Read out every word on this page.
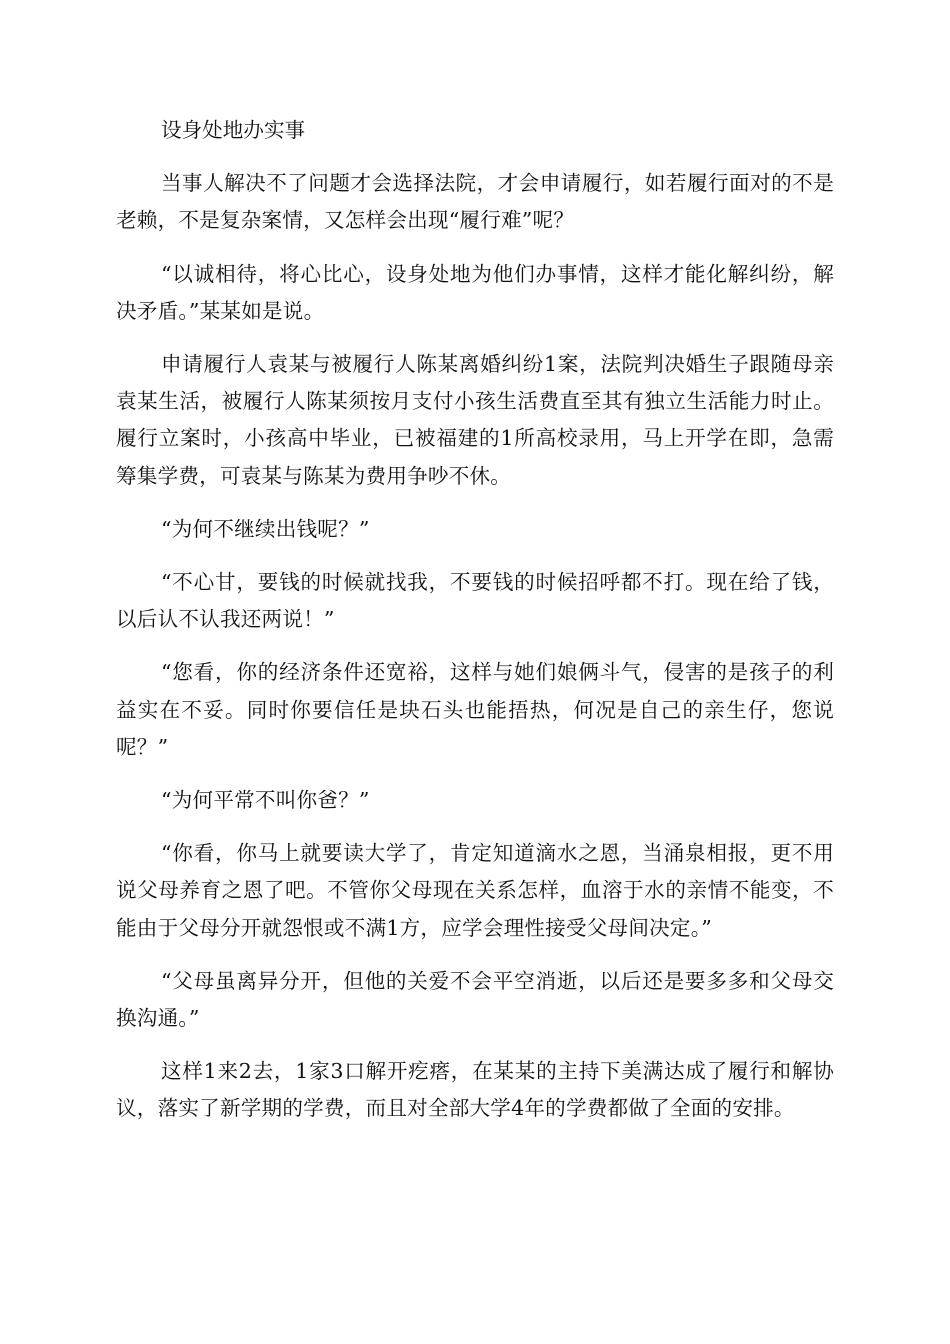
设身处地办实事

当事人解决不了问题才会选择法院，才会申请履行，如若履行面对的不是老赖，不是复杂案情，又怎样会出现“履行难”呢？

“以诚相待，将心比心，设身处地为他们办事情，这样才能化解纠纷，解决矛盾。”某某如是说。

申请履行人袁某与被履行人陈某离婚纠纷1案，法院判决婚生子跟随母亲袁某生活，被履行人陈某须按月支付小孩生活费直至其有独立生活能力时止。履行立案时，小孩高中毕业，已被福建的1所高校录用，马上开学在即，急需筹集学费，可袁某与陈某为费用争吵不休。

“为何不继续出钱呢？”

“不心甘，要钱的时候就找我，不要钱的时候招呼都不打。现在给了钱，以后认不认我还两说！”

“您看，你的经济条件还宽裕，这样与她们娘俩斗气，侵害的是孩子的利益实在不妥。同时你要信任是块石头也能捂热，何况是自己的亲生仔，您说呢？”

“为何平常不叫你爸？”

“你看，你马上就要读大学了，肯定知道滴水之恩，当涌泉相报，更不用说父母养育之恩了吧。不管你父母现在关系怎样，血溶于水的亲情不能变，不能由于父母分开就怨恨或不满1方，应学会理性接受父母间决定。”

“父母虽离异分开，但他的关爱不会平空消逝，以后还是要多多和父母交换沟通。”

这样1来2去，1家3口解开疙瘩，在某某的主持下美满达成了履行和解协议，落实了新学期的学费，而且对全部大学4年的学费都做了全面的安排。
